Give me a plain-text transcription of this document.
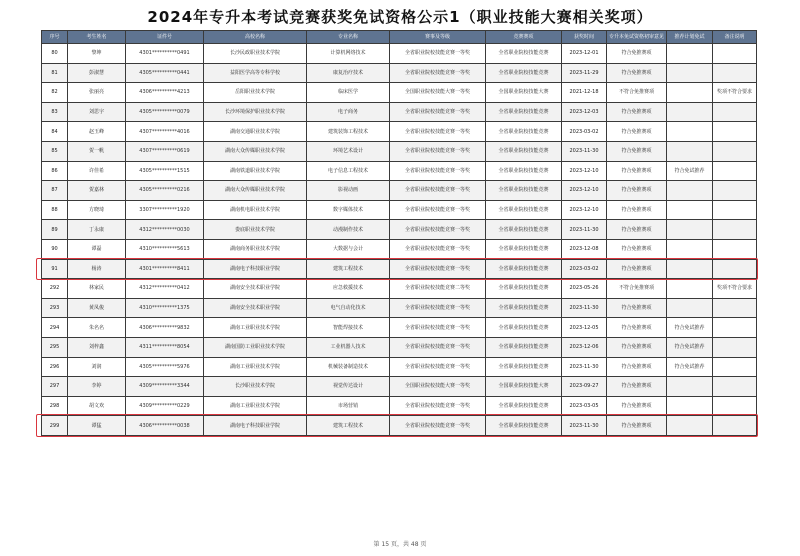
2024年专升本考试竞赛获奖免试资格公示1（职业技能大赛相关奖项）
序号	考生姓名	证件号	高校名称	专业名称	赛事及等级	竞赛赛项	获奖时间	专升本免试资格初审意见	推荐计划免试	备注说明
80	黎坤	4301**********0491	长沙民政职业技术学院	计算机网络技术	全省职业院校技能竞赛一等奖	全省职业院校技能竞赛	2023-12-01	符合免推赛项		
81	彭淑慧	4305**********0441	益阳医学高等专科学校	康复治疗技术	全省职业院校技能竞赛一等奖	全省职业院校技能竞赛	2023-11-29	符合免推赛项		
82	张丽亮	4306**********4213	岳阳职业技术学院	临床医学	全国职业院校技能大赛一等奖	全国职业院校技能大赛	2021-12-18	不符合免推赛项		奖项不符合要求
83	刘思宇	4305**********0079	长沙环境保护职业技术学院	电子商务	全省职业院校技能竞赛一等奖	全省职业院校技能竞赛	2023-12-03	符合免推赛项		
84	赵玉峰	4307**********4016	湖南交通职业技术学院	建筑装饰工程技术	全省职业院校技能竞赛一等奖	全省职业院校技能竞赛	2023-03-02	符合免推赛项		
85	贺一帆	4307**********0619	湖南大众传媒职业技术学院	环境艺术设计	全省职业院校技能竞赛一等奖	全省职业院校技能竞赛	2023-11-30	符合免推赛项		
86	许佳希	4305**********1515	湖南铁道职业技术学院	电子信息工程技术	全省职业院校技能竞赛一等奖	全省职业院校技能竞赛	2023-12-10	符合免推赛项	符合免试推荐	
87	贺嘉林	4305**********0216	湖南大众传媒职业技术学院	影视动画	全省职业院校技能竞赛一等奖	全省职业院校技能竞赛	2023-12-10	符合免推赛项		
88	方晓琦	3307**********1920	湖南机电职业技术学院	数字媒体技术	全省职业院校技能竞赛一等奖	全省职业院校技能竞赛	2023-12-10	符合免推赛项		
89	丁永康	4312**********0030	娄底职业技术学院	动漫制作技术	全省职业院校技能竞赛一等奖	全省职业院校技能竞赛	2023-11-30	符合免推赛项		
90	谭磊	4310**********5613	湖南商务职业技术学院	大数据与会计	全省职业院校技能竞赛一等奖	全省职业院校技能竞赛	2023-12-08	符合免推赛项		
91	杨涛	4301**********8411	湖南电子科技职业学院	建筑工程技术	全省职业院校技能竞赛一等奖	全省职业院校技能竞赛	2023-03-02	符合免推赛项		
292	林家民	4312**********0412	湖南安全技术职业学院	应急救援技术	全省职业院校技能竞赛二等奖	全省职业院校技能竞赛	2023-05-26	不符合免推赛项		奖项不符合要求
293	黄凤俊	4310**********1375	湖南安全技术职业学院	电气自动化技术	全省职业院校技能竞赛一等奖	全省职业院校技能竞赛	2023-11-30	符合免推赛项		
294	朱名名	4306**********9832	湖南工业职业技术学院	智能焊接技术	全省职业院校技能竞赛一等奖	全省职业院校技能竞赛	2023-12-05	符合免推赛项	符合免试推荐	
295	刘梓鑫	4311**********8054	湖南国防工业职业技术学院	工业机器人技术	全省职业院校技能竞赛一等奖	全省职业院校技能竞赛	2023-12-06	符合免推赛项	符合免试推荐	
296	刘润	4305**********5976	湖南工业职业技术学院	机械装备制造技术	全省职业院校技能竞赛一等奖	全省职业院校技能竞赛	2023-11-30	符合免推赛项	符合免试推荐	
297	李婷	4309**********3344	长沙职业技术学院	视觉传达设计	全国职业院校技能大赛一等奖	全国职业院校技能大赛	2023-09-27	符合免推赛项		
298	胡文欢	4309**********0229	湖南工业职业技术学院	市场营销	全省职业院校技能竞赛一等奖	全省职业院校技能竞赛	2023-03-05	符合免推赛项		
299	谭猛	4306**********0038	湖南电子科技职业学院	建筑工程技术	全省职业院校技能竞赛一等奖	全省职业院校技能竞赛	2023-11-30	符合免推赛项		
第 15 页，共 48 页
